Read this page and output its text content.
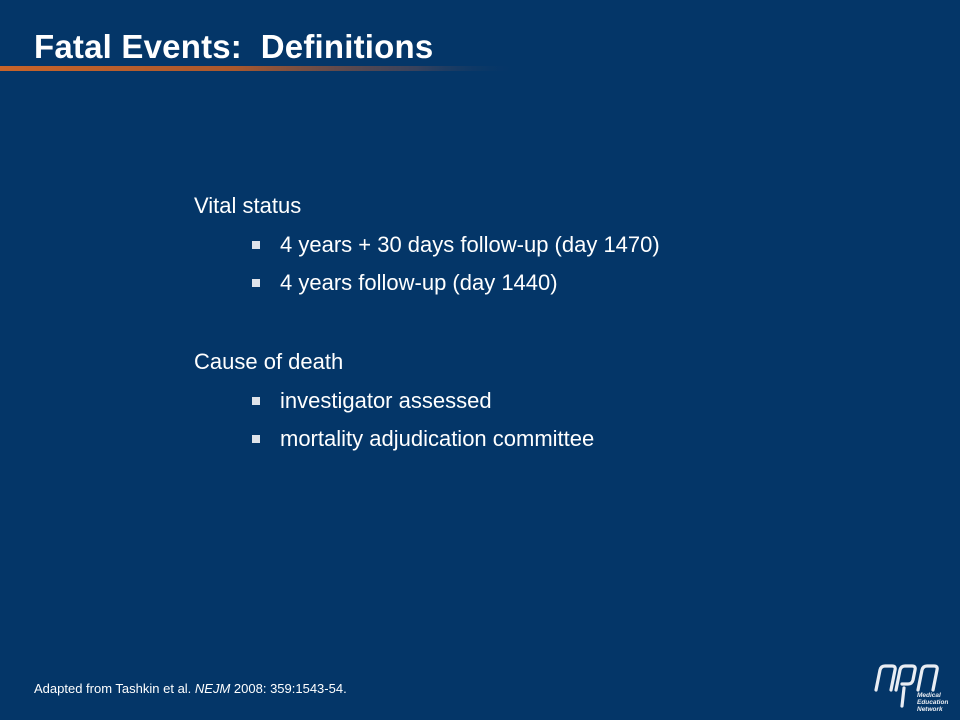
Fatal Events:  Definitions

Vital status

4 years + 30 days follow-up (day 1470)
4 years follow-up (day 1440)

Cause of death

investigator assessed
mortality adjudication committee
Adapted from Tashkin et al. NEJM 2008: 359:1543-54.	Medical
Education
Network
